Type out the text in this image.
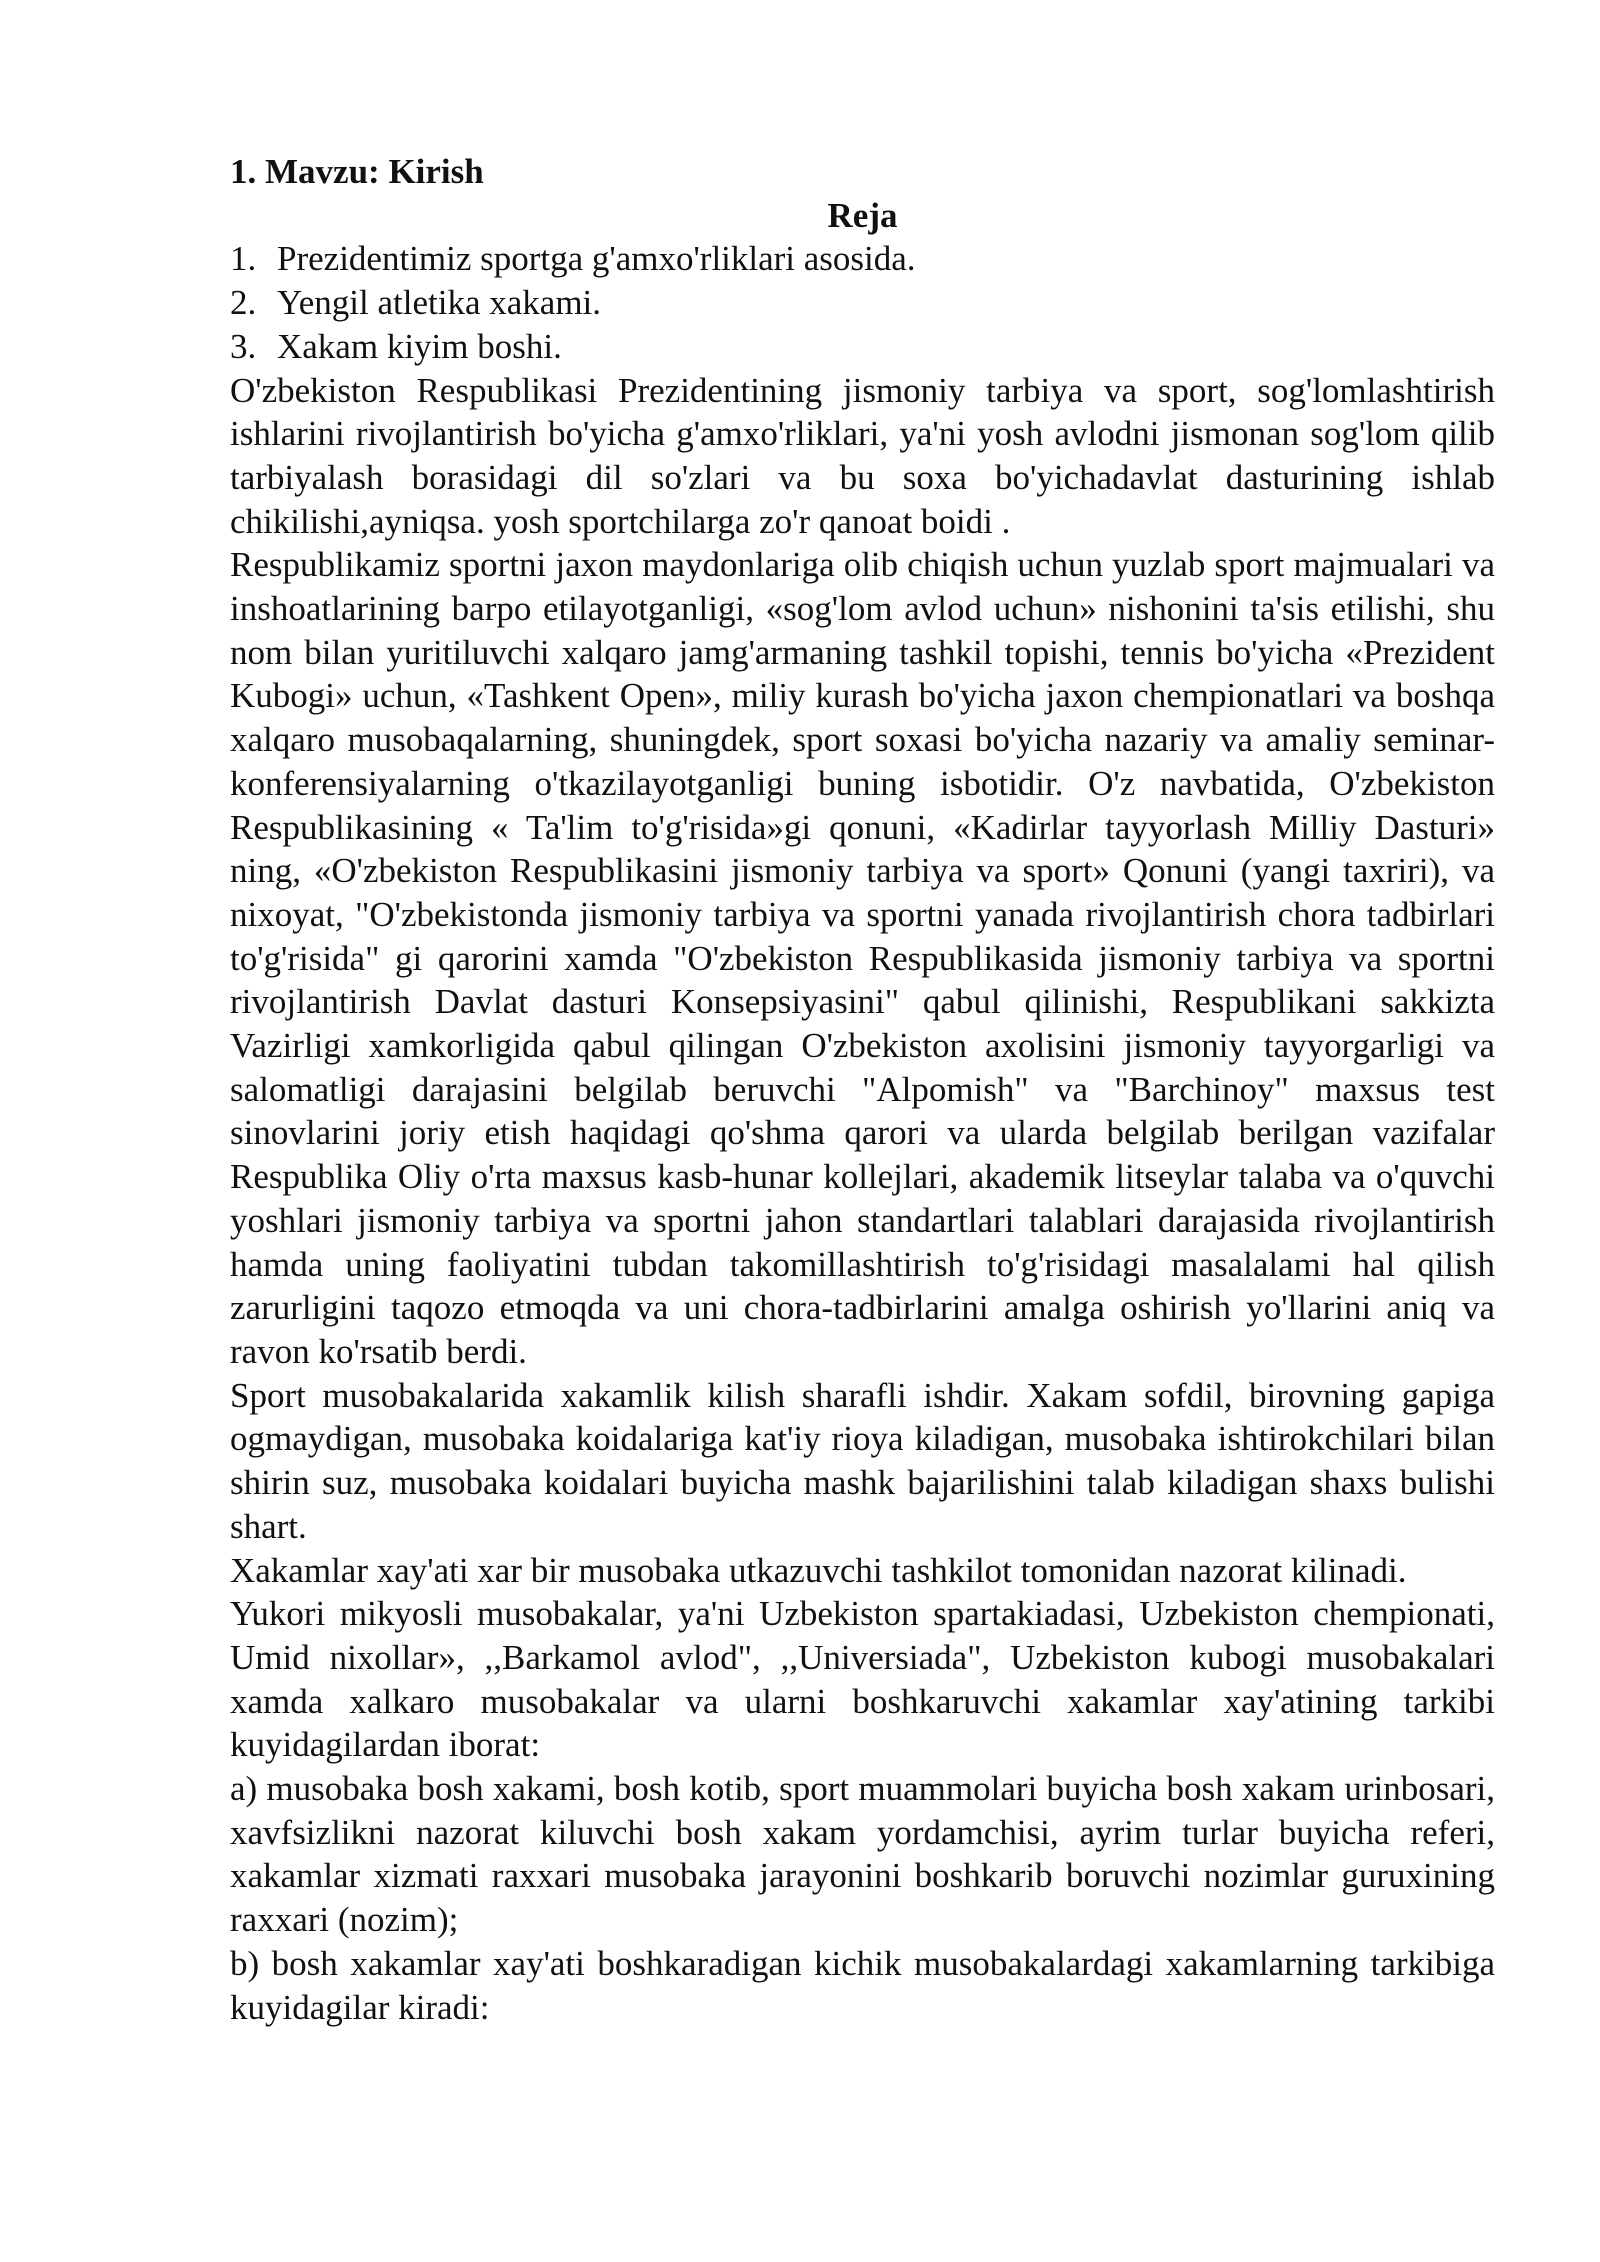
1. Mavzu: Kirish

Reja

1. Prezidentimiz sportga g'amxo'rliklari asosida.
2. Yengil atletika xakami.
3. Xakam kiyim boshi.

O'zbekiston Respublikasi Prezidentining jismoniy tarbiya va sport, sog'lomlashtirish ishlarini rivojlantirish bo'yicha g'amxo'rliklari, ya'ni yosh avlodni jismonan sog'lom qilib tarbiyalash borasidagi dil so'zlari va bu soxa bo'yichadavlat dasturining ishlab chikilishi,ayniqsa. yosh sportchilarga zo'r qanoat boidi .

Respublikamiz sportni jaxon maydonlariga olib chiqish uchun yuzlab sport majmualari va inshoatlarining barpo etilayotganligi, «sog'lom avlod uchun» nishonini ta'sis etilishi, shu nom bilan yuritiluvchi xalqaro jamg'armaning tashkil topishi, tennis bo'yicha «Prezident Kubogi» uchun, «Tashkent Open», miliy kurash bo'yicha jaxon chempionatlari va boshqa xalqaro musobaqalarning, shuningdek, sport soxasi bo'yicha nazariy va amaliy seminar-konferensiyalarning o'tkazilayotganligi buning isbotidir. O'z navbatida, O'zbekiston Respublikasining « Ta'lim to'g'risida»gi qonuni, «Kadirlar tayyorlash Milliy Dasturi» ning, «O'zbekiston Respublikasini jismoniy tarbiya va sport» Qonuni (yangi taxriri), va nixoyat, "O'zbekistonda jismoniy tarbiya va sportni yanada rivojlantirish chora tadbirlari to'g'risida" gi qarorini xamda "O'zbekiston Respublikasida jismoniy tarbiya va sportni rivojlantirish Davlat dasturi Konsepsiyasini" qabul qilinishi, Respublikani sakkizta Vazirligi xamkorligida qabul qilingan O'zbekiston axolisini jismoniy tayyorgarligi va salomatligi darajasini belgilab beruvchi "Alpomish" va "Barchinoy" maxsus test sinovlarini joriy etish haqidagi qo'shma qarori va ularda belgilab berilgan vazifalar Respublika Oliy o'rta maxsus kasb-hunar kollejlari, akademik litseylar talaba va o'quvchi yoshlari jismoniy tarbiya va sportni jahon standartlari talablari darajasida rivojlantirish hamda uning faoliyatini tubdan takomillashtirish to'g'risidagi masalalami hal qilish zarurligini taqozo etmoqda va uni chora-tadbirlarini amalga oshirish yo'llarini aniq va ravon ko'rsatib berdi.

Sport musobakalarida xakamlik kilish sharafli ishdir. Xakam sofdil, birovning gapiga ogmaydigan, musobaka koidalariga kat'iy rioya kiladigan, musobaka ishtirokchilari bilan shirin suz, musobaka koidalari buyicha mashk bajarilishini talab kiladigan shaxs bulishi shart.

Xakamlar xay'ati xar bir musobaka utkazuvchi tashkilot tomonidan nazorat kilinadi.

Yukori mikyosli musobakalar, ya'ni Uzbekiston spartakiadasi, Uzbekiston chempionati, Umid nixollar», ,,Barkamol avlod", ,,Universiada", Uzbekiston kubogi musobakalari xamda xalkaro musobakalar va ularni boshkaruvchi xakamlar xay'atining tarkibi kuyidagilardan iborat:

a) musobaka bosh xakami, bosh kotib, sport muammolari buyicha bosh xakam urinbosari, xavfsizlikni nazorat kiluvchi bosh xakam yordamchisi, ayrim turlar buyicha referi, xakamlar xizmati raxxari musobaka jarayonini boshkarib boruvchi nozimlar guruxining raxxari (nozim);

b) bosh xakamlar xay'ati boshkaradigan kichik musobakalardagi xakamlarning tarkibiga kuyidagilar kiradi:
